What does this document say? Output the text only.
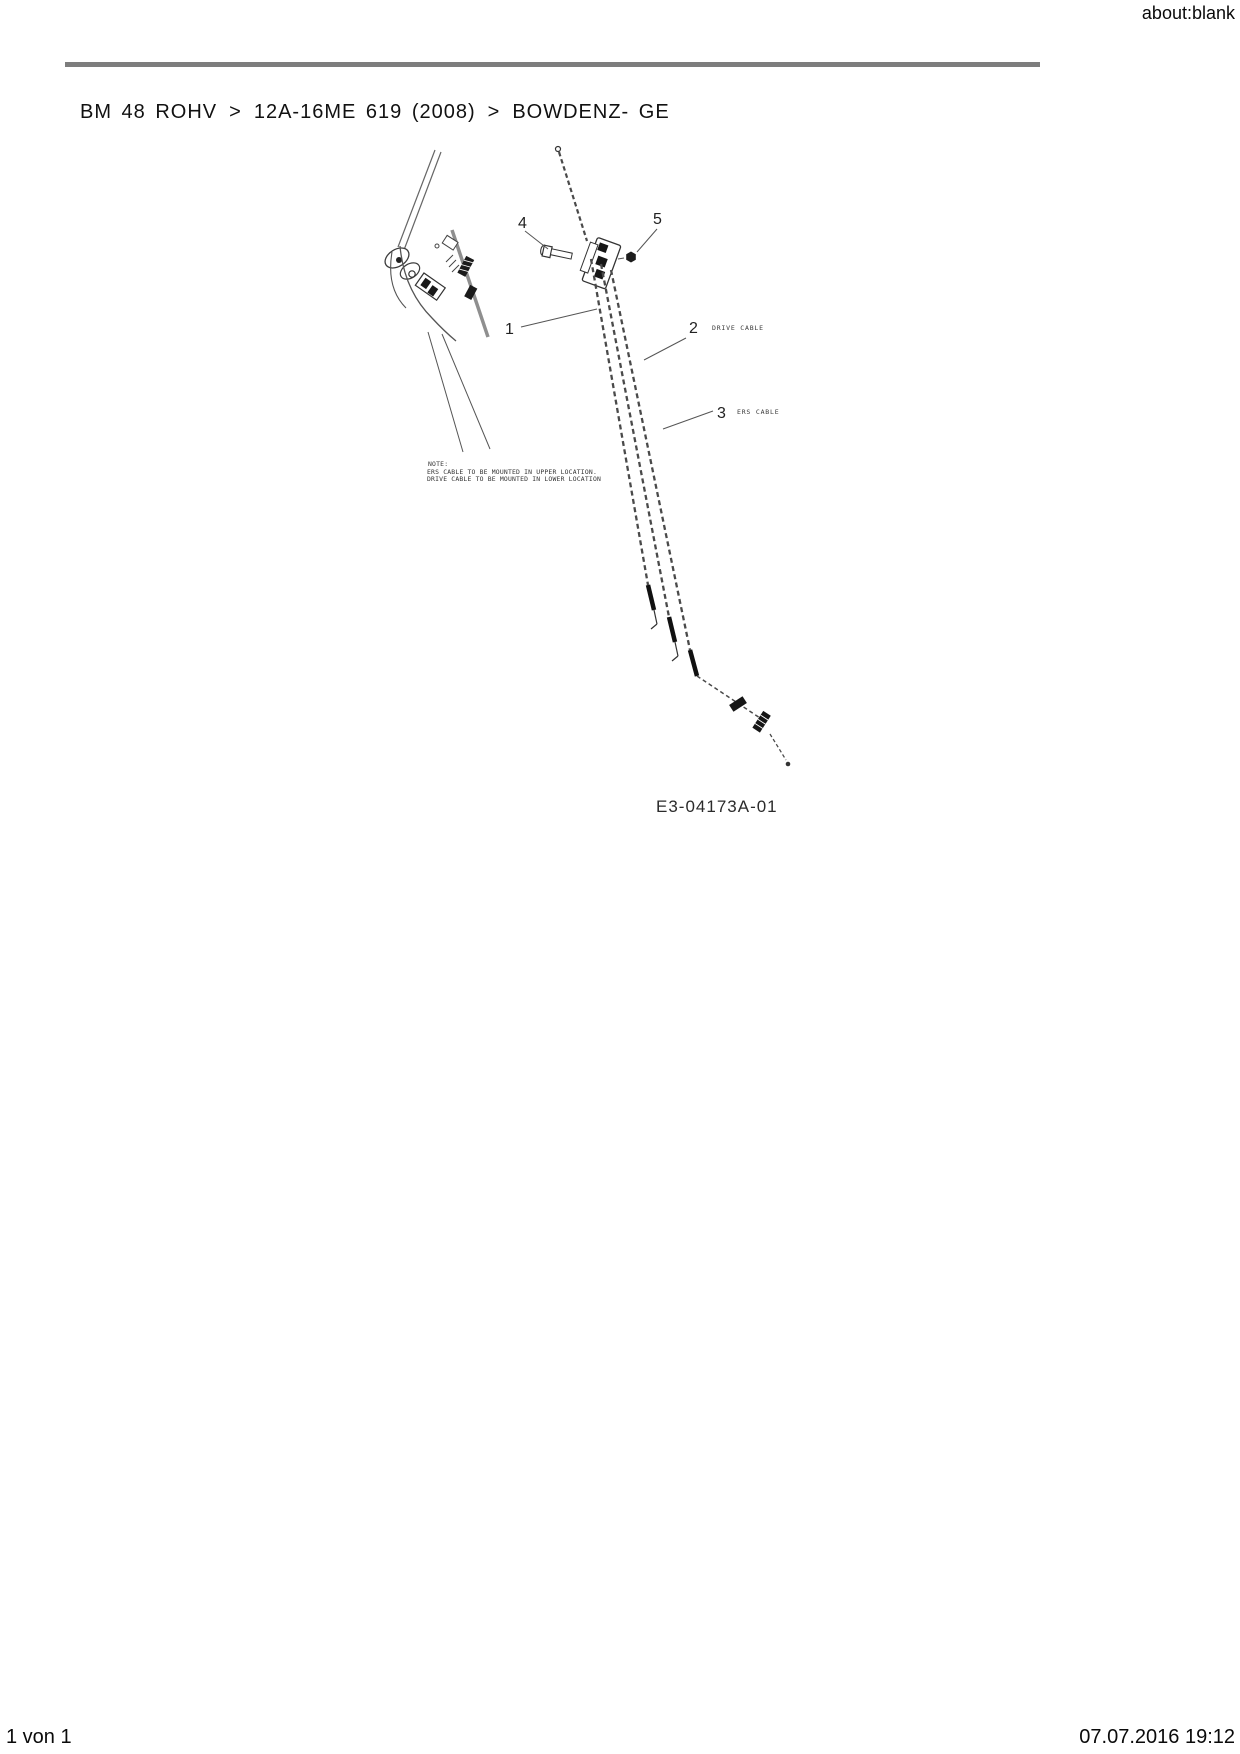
about:blank
BM 48 ROHV > 12A-16ME 619 (2008) > BOWDENZ- GE
1	2 DRIVE CABLE
3 ERS CABLE
4	5
NOTE:
ERS CABLE TO BE MOUNTED IN UPPER LOCATION.
DRIVE CABLE TO BE MOUNTED IN LOWER LOCATION
E3-04173A-01
1 von 1	07.07.2016 19:12
